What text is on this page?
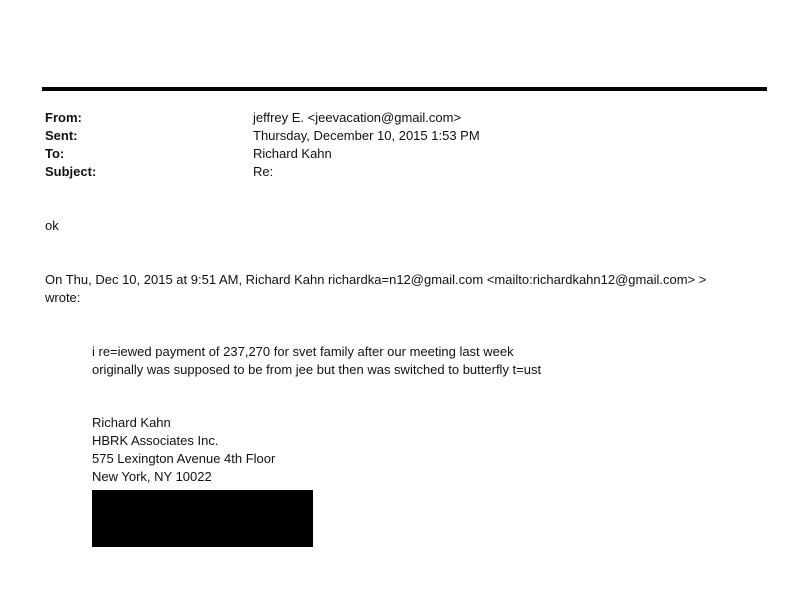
From:	jeffrey E. <jeevacation@gmail.com>
Sent:	Thursday, December 10, 2015 1:53 PM
To:	Richard Kahn
Subject:	Re:
ok
On Thu, Dec 10, 2015 at 9:51 AM, Richard Kahn richardka=n12@gmail.com <mailto:richardkahn12@gmail.com> >
wrote:
i re=iewed payment of 237,270 for svet family after our meeting last week
originally was supposed to be from jee but then was switched to butterfly t=ust
Richard Kahn
HBRK Associates Inc.
575 Lexington Avenue 4th Floor
New York, NY 10022
